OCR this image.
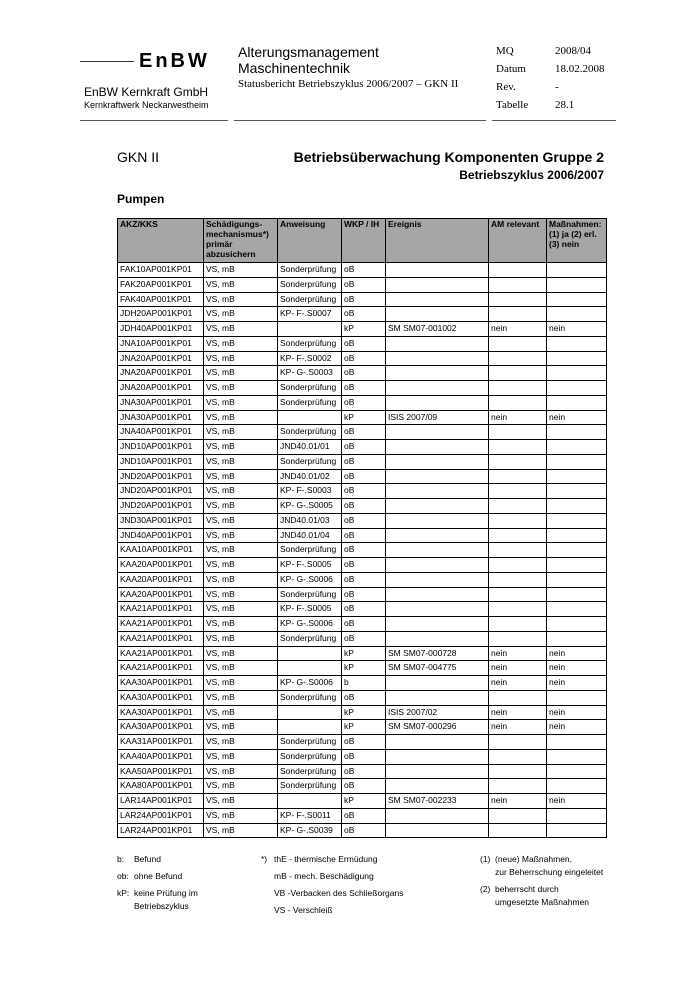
EnBW
EnBW Kernkraft GmbH
Kernkraftwerk Neckarwestheim
Alterungsmanagement
Maschinentechnik
Statusbericht Betriebszyklus 2006/2007 – GKN II
MQ
Datum
Rev.
Tabelle
2008/04
18.02.2008
-
28.1
GKN II	Betriebsüberwachung Komponenten Gruppe 2
Betriebszyklus 2006/2007
Pumpen
AKZ/KKS	Schädigungs-mechanismus*) primär abzusichern	Anweisung	WKP / IH	Ereignis	AM relevant	Maßnahmen: (1) ja (2) erl. (3) nein
FAK10AP001KP01	VS, mB	Sonderprüfung	oB			
FAK20AP001KP01	VS, mB	Sonderprüfung	oB			
FAK40AP001KP01	VS, mB	Sonderprüfung	oB			
JDH20AP001KP01	VS, mB	KP- F-.S0007	oB			
JDH40AP001KP01	VS, mB		kP	SM SM07-001002	nein	nein
JNA10AP001KP01	VS, mB	Sonderprüfung	oB			
JNA20AP001KP01	VS, mB	KP- F-.S0002	oB			
JNA20AP001KP01	VS, mB	KP- G-.S0003	oB			
JNA20AP001KP01	VS, mB	Sonderprüfung	oB			
JNA30AP001KP01	VS, mB	Sonderprüfung	oB			
JNA30AP001KP01	VS, mB		kP	ISIS 2007/09	nein	nein
JNA40AP001KP01	VS, mB	Sonderprüfung	oB			
JND10AP001KP01	VS, mB	JND40.01/01	oB			
JND10AP001KP01	VS, mB	Sonderprüfung	oB			
JND20AP001KP01	VS, mB	JND40.01/02	oB			
JND20AP001KP01	VS, mB	KP- F-.S0003	oB			
JND20AP001KP01	VS, mB	KP- G-.S0005	oB			
JND30AP001KP01	VS, mB	JND40.01/03	oB			
JND40AP001KP01	VS, mB	JND40.01/04	oB			
KAA10AP001KP01	VS, mB	Sonderprüfung	oB			
KAA20AP001KP01	VS, mB	KP- F-.S0005	oB			
KAA20AP001KP01	VS, mB	KP- G-.S0006	oB			
KAA20AP001KP01	VS, mB	Sonderprüfung	oB			
KAA21AP001KP01	VS, mB	KP- F-.S0005	oB			
KAA21AP001KP01	VS, mB	KP- G-.S0006	oB			
KAA21AP001KP01	VS, mB	Sonderprüfung	oB			
KAA21AP001KP01	VS, mB		kP	SM SM07-000728	nein	nein
KAA21AP001KP01	VS, mB		kP	SM SM07-004775	nein	nein
KAA30AP001KP01	VS, mB	KP- G-.S0006	b		nein	nein
KAA30AP001KP01	VS, mB	Sonderprüfung	oB			
KAA30AP001KP01	VS, mB		kP	ISIS 2007/02	nein	nein
KAA30AP001KP01	VS, mB		kP	SM SM07-000296	nein	nein
KAA31AP001KP01	VS, mB	Sonderprüfung	oB			
KAA40AP001KP01	VS, mB	Sonderprüfung	oB			
KAA50AP001KP01	VS, mB	Sonderprüfung	oB			
KAA80AP001KP01	VS, mB	Sonderprüfung	oB			
LAR14AP001KP01	VS, mB		kP	SM SM07-002233	nein	nein
LAR24AP001KP01	VS, mB	KP- F-.S0011	oB			
LAR24AP001KP01	VS, mB	KP- G-.S0039	oB			
b:	Befund
ob: ohne Befund
kP: keine Prüfung im
Betriebszyklus
*) thE - thermische Ermüdung
mB - mech. Beschädigung
VB -Verbacken des Schließorgans
VS - Verschleiß
(1) (neue) Maßnahmen,
zur Beherrschung eingeleitet
(2) beherrscht durch
umgesetzte Maßnahmen
